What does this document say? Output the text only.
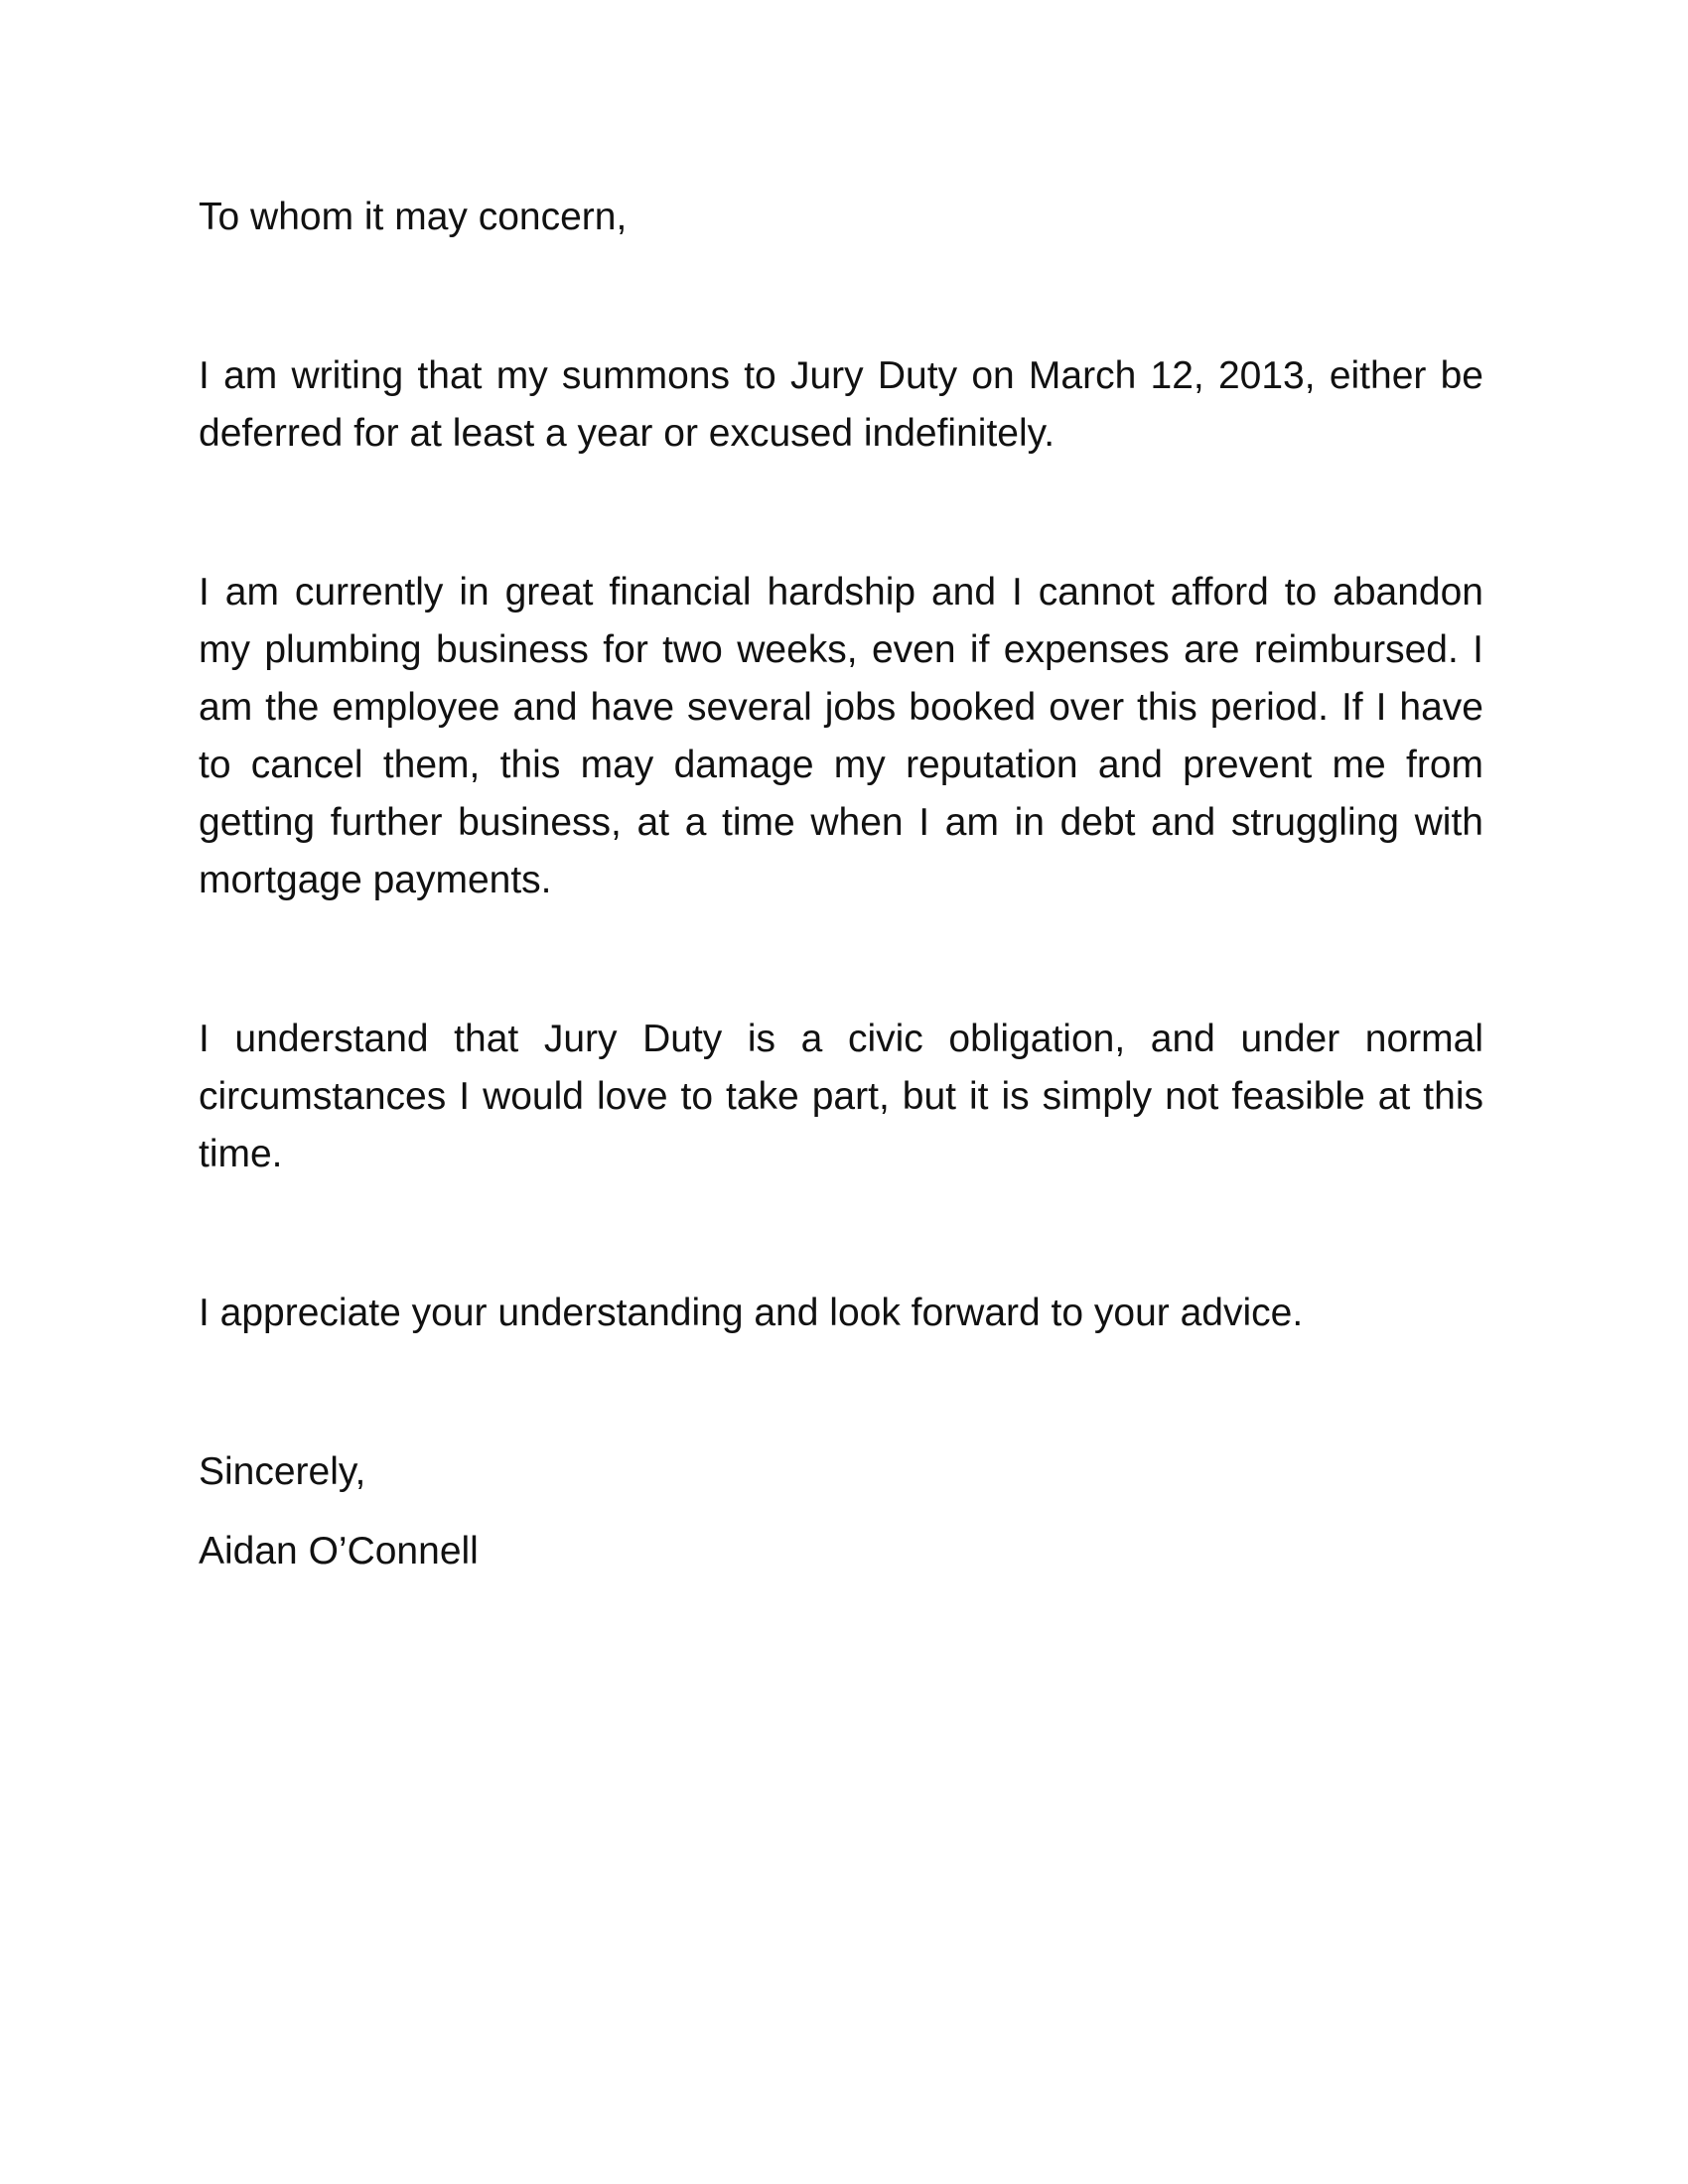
To whom it may concern,

I am writing that my summons to Jury Duty on March 12, 2013, either be deferred for at least a year or excused indefinitely.

I am currently in great financial hardship and I cannot afford to abandon my plumbing business for two weeks, even if expenses are reimbursed. I am the employee and have several jobs booked over this period. If I have to cancel them, this may damage my reputation and prevent me from getting further business, at a time when I am in debt and struggling with mortgage payments.

I understand that Jury Duty is a civic obligation, and under normal circumstances I would love to take part, but it is simply not feasible at this time.

I appreciate your understanding and look forward to your advice.

Sincerely,

Aidan O’Connell
